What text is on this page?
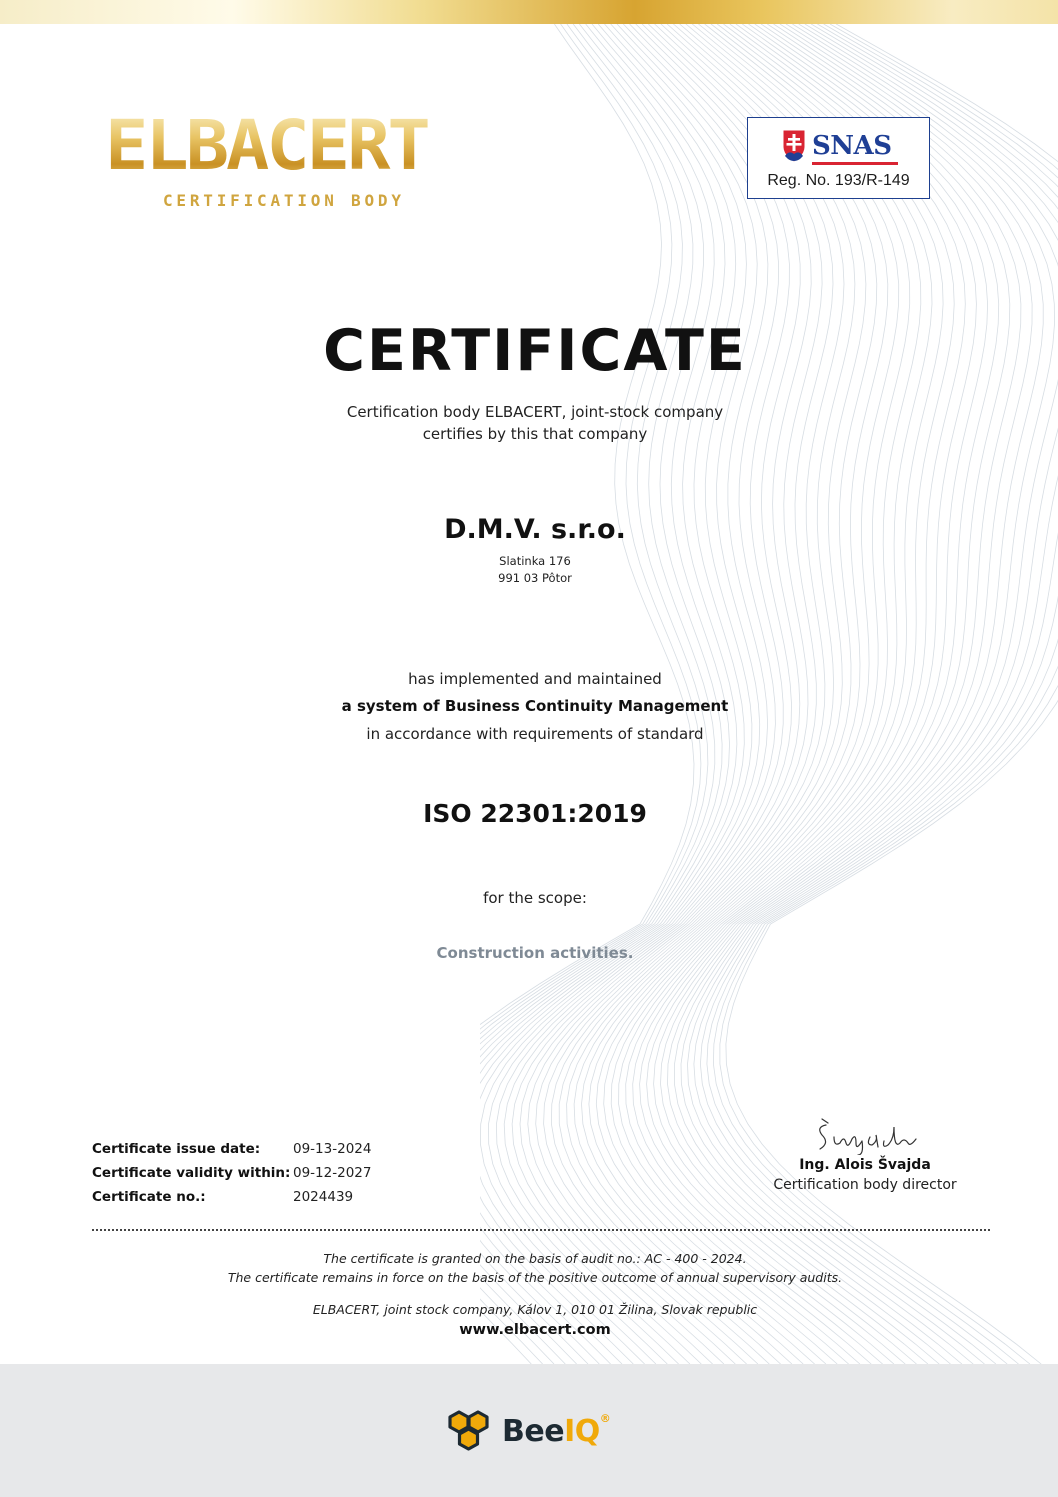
ELBACERT
CERTIFICATION BODY
SNAS
Reg. No. 193/R-149
CERTIFICATE
Certification body ELBACERT, joint-stock company
certifies by this that company
D.M.V. s.r.o.
Slatinka 176
991 03 Pôtor
has implemented and maintained
a system of Business Continuity Management
in accordance with requirements of standard
ISO 22301:2019
for the scope:
Construction activities.
Certificate issue date:	09-13-2024
Certificate validity within: 09-12-2027
Certificate no.:	2024439
Ing. Alois Švajda
Certification body director
The certificate is granted on the basis of audit no.: AC - 400 - 2024.
The certificate remains in force on the basis of the positive outcome of annual supervisory audits.
ELBACERT, joint stock company, Kálov 1, 010 01 Žilina, Slovak republic
www.elbacert.com
BeeIQ®
